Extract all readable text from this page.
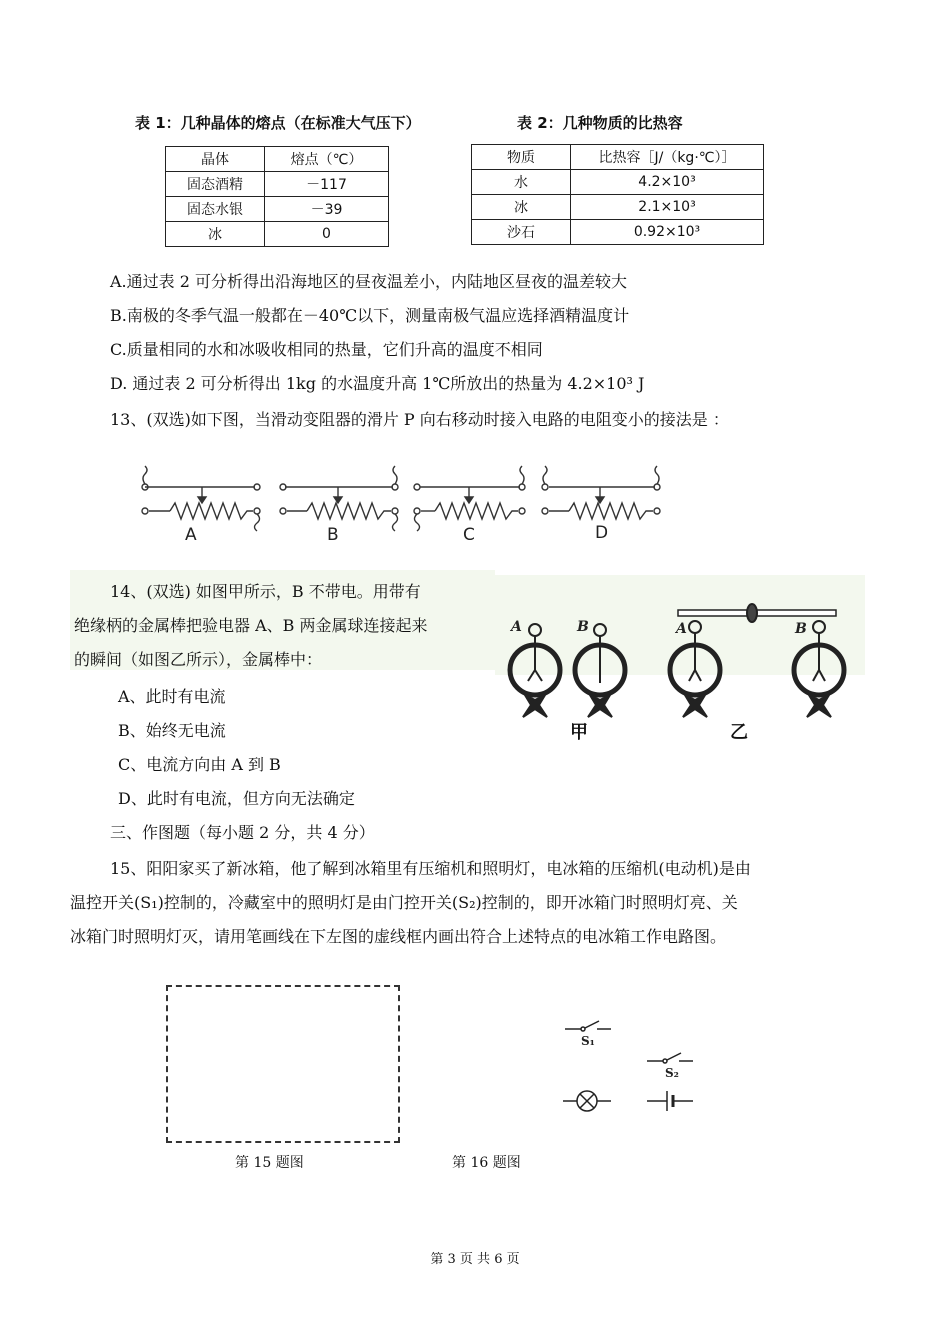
表 1：几种晶体的熔点（在标准大气压下）	表 2：几种物质的比热容
晶体	熔点（℃）
固态酒精	－117
固态水银	－39
冰	0
物质	比热容［J/（kg·℃）］
水	4.2×10³
冰	2.1×10³
沙石	0.92×10³
A.通过表 2 可分析得出沿海地区的昼夜温差小，内陆地区昼夜的温差较大
B.南极的冬季气温一般都在－40℃以下，测量南极气温应选择酒精温度计
C.质量相同的水和冰吸收相同的热量，它们升高的温度不相同
D. 通过表 2 可分析得出 1kg 的水温度升高 1℃所放出的热量为 4.2×10³ J
13、(双选)如下图，当滑动变阻器的滑片 P 向右移动时接入电路的电阻变小的接法是 ：
A	B	C	D
14、(双选) 如图甲所示，B 不带电。用带有
绝缘柄的金属棒把验电器 A、B 两金属球连接起来
的瞬间（如图乙所示），金属棒中：
A、此时有电流
B、始终无电流
C、电流方向由 A 到 B
D、此时有电流，但方向无法确定
A	B	A	B
甲	乙
三、作图题（每小题 2 分，共 4 分）
15、阳阳家买了新冰箱，他了解到冰箱里有压缩机和照明灯，电冰箱的压缩机(电动机)是由
温控开关(S₁)控制的，冷藏室中的照明灯是由门控开关(S₂)控制的，即开冰箱门时照明灯亮、关
冰箱门时照明灯灭，请用笔画线在下左图的虚线框内画出符合上述特点的电冰箱工作电路图。
S₁
S₂
第 15 题图	第 16 题图
第 3 页 共 6 页
